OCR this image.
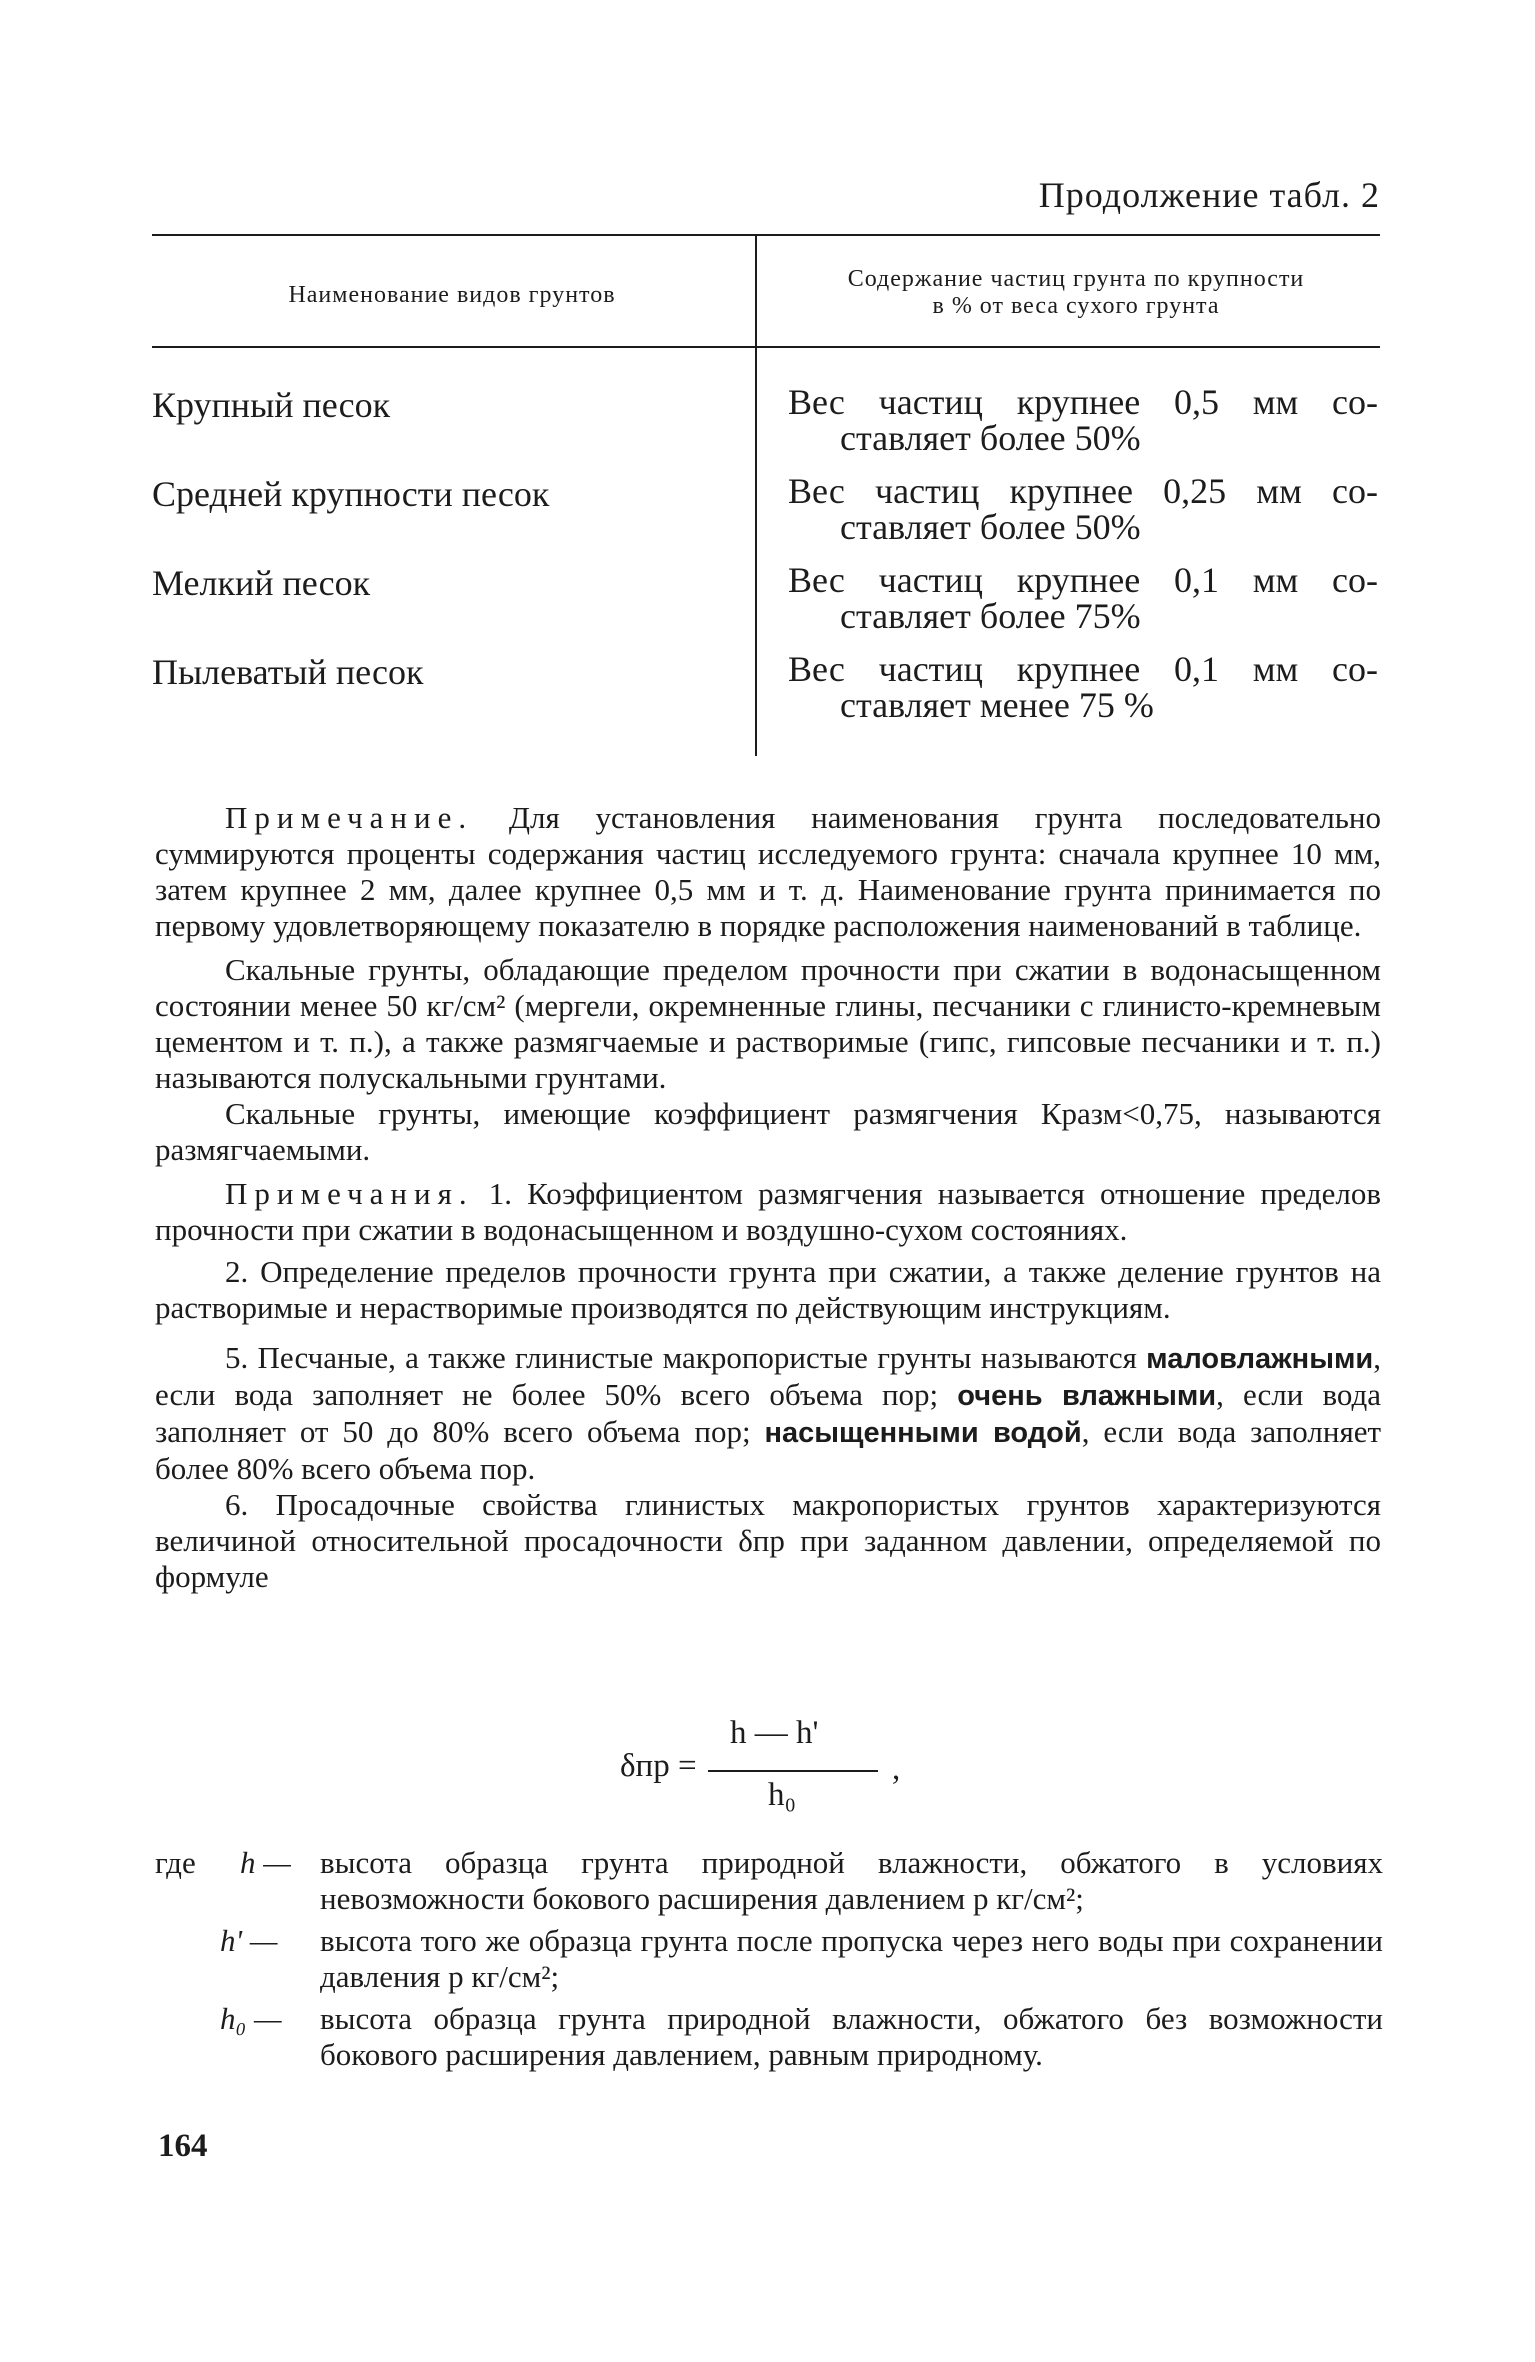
Продолжение табл. 2
Наименование видов грунтов
Содержание частиц грунта по крупности
в % от веса сухого грунта
Крупный песок	Вес частиц крупнее 0,5 мм со-
ставляет более 50%
Средней крупности песок	Вес частиц крупнее 0,25 мм со-
ставляет более 50%
Мелкий песок	Вес частиц крупнее 0,1 мм со-
ставляет более 75%
Пылеватый песок	Вес частиц крупнее 0,1 мм со-
ставляет менее 75 %

Примечание. Для установления наименования грунта последовательно суммируются проценты содержания частиц исследуемого грунта: сначала крупнее 10 мм, затем крупнее 2 мм, далее крупнее 0,5 мм и т. д. Наименование грунта принимается по первому удовлетворяющему показателю в порядке расположения наименований в таблице.

Скальные грунты, обладающие пределом прочности при сжатии в водонасыщенном состоянии менее 50 кг/см² (мергели, окремненные глины, песчаники с глинисто-кремневым цементом и т. п.), а также размягчаемые и растворимые (гипс, гипсовые песчаники и т. п.) называются полускальными грунтами.

Скальные грунты, имеющие коэффициент размягчения Кразм<0,75, называются размягчаемыми.

Примечания. 1. Коэффициентом размягчения называется отношение пределов прочности при сжатии в водонасыщенном и воздушно-сухом состояниях.

2. Определение пределов прочности грунта при сжатии, а также деление грунтов на растворимые и нерастворимые производятся по действующим инструкциям.

5. Песчаные, а также глинистые макропористые грунты называются маловлажными, если вода заполняет не более 50% всего объема пор; очень влажными, если вода заполняет от 50 до 80% всего объема пор; насыщенными водой, если вода заполняет более 80% всего объема пор.

6. Просадочные свойства глинистых макропористых грунтов характеризуются величиной относительной просадочности δпр при заданном давлении, определяемой по формуле

δпр =
h — h'
h₀
,
где h — высота образца грунта природной влажности, обжатого в условиях невозможности бокового расширения давлением p кг/см²;
h' — высота того же образца грунта после пропуска через него воды при сохранении давления p кг/см²;
h₀ — высота образца грунта природной влажности, обжатого без возможности бокового расширения давлением, равным природному.
164
